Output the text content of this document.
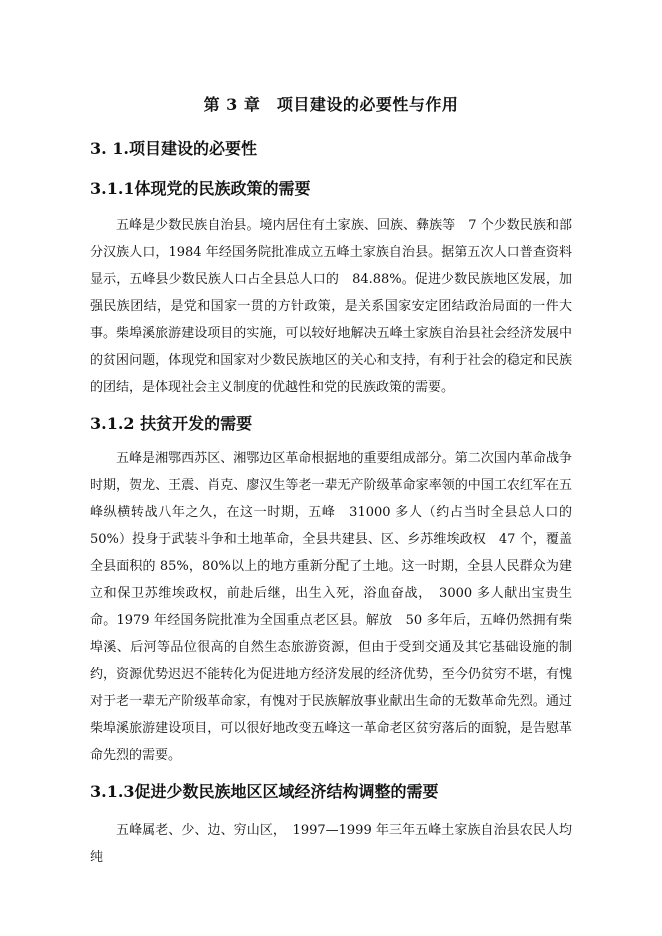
第 3 章　项目建设的必要性与作用
3. 1.项目建设的必要性
3.1.1体现党的民族政策的需要

五峰是少数民族自治县。境内居住有土家族、回族、彝族等　7 个少数民族和部分汉族人口，1984 年经国务院批准成立五峰土家族自治县。据第五次人口普查资料显示，五峰县少数民族人口占全县总人口的　84.88%。促进少数民族地区发展，加强民族团结，是党和国家一贯的方针政策，是关系国家安定团结政治局面的一件大事。柴埠溪旅游建设项目的实施，可以较好地解决五峰土家族自治县社会经济发展中的贫困问题，体现党和国家对少数民族地区的关心和支持，有利于社会的稳定和民族的团结，是体现社会主义制度的优越性和党的民族政策的需要。

3.1.2 扶贫开发的需要

五峰是湘鄂西苏区、湘鄂边区革命根据地的重要组成部分。第二次国内革命战争时期，贺龙、王震、肖克、廖汉生等老一辈无产阶级革命家率领的中国工农红军在五峰纵横转战八年之久，在这一时期，五峰　31000 多人（约占当时全县总人口的 50%）投身于武装斗争和土地革命，全县共建县、区、乡苏维埃政权　47 个，覆盖全县面积的 85%，80%以上的地方重新分配了土地。这一时期，全县人民群众为建立和保卫苏维埃政权，前赴后继，出生入死，浴血奋战，　3000 多人献出宝贵生命。1979 年经国务院批准为全国重点老区县。解放　50 多年后，五峰仍然拥有柴埠溪、后河等品位很高的自然生态旅游资源，但由于受到交通及其它基础设施的制约，资源优势迟迟不能转化为促进地方经济发展的经济优势，至今仍贫穷不堪，有愧对于老一辈无产阶级革命家，有愧对于民族解放事业献出生命的无数革命先烈。通过柴埠溪旅游建设项目，可以很好地改变五峰这一革命老区贫穷落后的面貌，是告慰革命先烈的需要。

3.1.3促进少数民族地区区域经济结构调整的需要

五峰属老、少、边、穷山区，　1997—1999 年三年五峰土家族自治县农民人均纯
